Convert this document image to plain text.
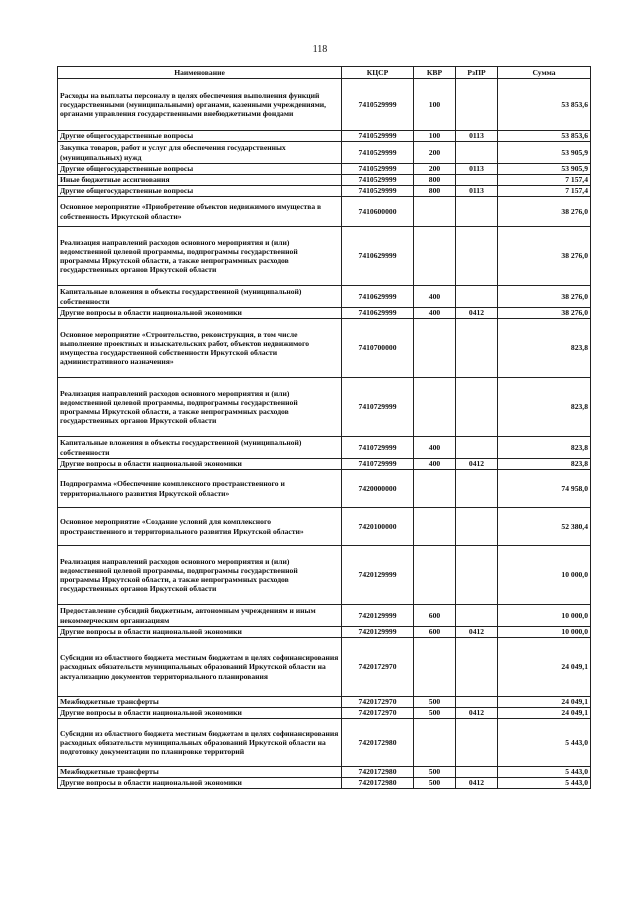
118
Наименование	КЦСР	КВР	РзПР	Сумма
Расходы на выплаты персоналу в целях обеспечения выполнения функций государственными (муниципальными) органами, казенными учреждениями, органами управления государственными внебюджетными фондами	7410529999	100		53 853,6
Другие общегосударственные вопросы	7410529999	100	0113	53 853,6
Закупка товаров, работ и услуг для обеспечения государственных (муниципальных) нужд	7410529999	200		53 905,9
Другие общегосударственные вопросы	7410529999	200	0113	53 905,9
Иные бюджетные ассигнования	7410529999	800		7 157,4
Другие общегосударственные вопросы	7410529999	800	0113	7 157,4
Основное мероприятие «Приобретение объектов недвижимого имущества в собственность Иркутской области»	7410600000			38 276,0
Реализация направлений расходов основного мероприятия и (или) ведомственной целевой программы, подпрограммы государственной программы Иркутской области, а также непрограммных расходов государственных органов Иркутской области	7410629999			38 276,0
Капитальные вложения в объекты государственной (муниципальной) собственности	7410629999	400		38 276,0
Другие вопросы в области национальной экономики	7410629999	400	0412	38 276,0
Основное мероприятие «Строительство, реконструкция, в том числе выполнение проектных и изыскательских работ, объектов недвижимого имущества государственной собственности Иркутской области административного назначения»	7410700000			823,8
Реализация направлений расходов основного мероприятия и (или) ведомственной целевой программы, подпрограммы государственной программы Иркутской области, а также непрограммных расходов государственных органов Иркутской области	7410729999			823,8
Капитальные вложения в объекты государственной (муниципальной) собственности	7410729999	400		823,8
Другие вопросы в области национальной экономики	7410729999	400	0412	823,8
Подпрограмма «Обеспечение комплексного пространственного и территориального развития Иркутской области»	7420000000			74 958,0
Основное мероприятие «Создание условий для комплексного пространственного и территориального развития Иркутской области»	7420100000			52 380,4
Реализация направлений расходов основного мероприятия и (или) ведомственной целевой программы, подпрограммы государственной программы Иркутской области, а также непрограммных расходов государственных органов Иркутской области	7420129999			10 000,0
Предоставление субсидий бюджетным, автономным учреждениям и иным некоммерческим организациям	7420129999	600		10 000,0
Другие вопросы в области национальной экономики	7420129999	600	0412	10 000,0
Субсидии из областного бюджета местным бюджетам в целях софинансирования расходных обязательств муниципальных образований Иркутской области на актуализацию документов территориального планирования	7420172970			24 049,1
Межбюджетные трансферты	7420172970	500		24 049,1
Другие вопросы в области национальной экономики	7420172970	500	0412	24 049,1
Субсидии из областного бюджета местным бюджетам в целях софинансирования расходных обязательств муниципальных образований Иркутской области на подготовку документации по планировке территорий	7420172980			5 443,0
Межбюджетные трансферты	7420172980	500		5 443,0
Другие вопросы в области национальной экономики	7420172980	500	0412	5 443,0
